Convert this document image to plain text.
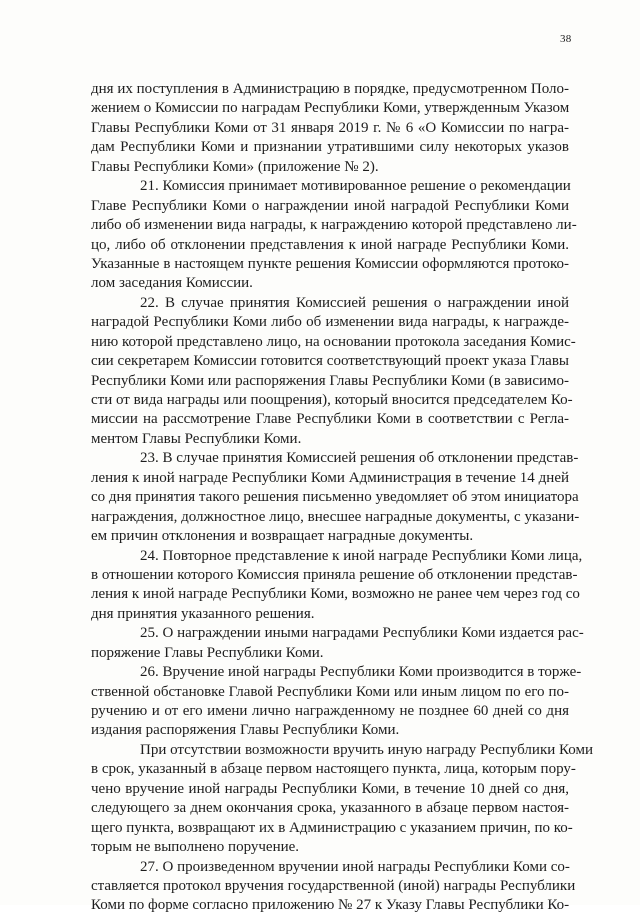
38
дня их поступления в Администрацию в порядке, предусмотренном Поло-
жением о Комиссии по наградам Республики Коми, утвержденным Указом
Главы Республики Коми от 31 января 2019 г. № 6 «О Комиссии по награ-
дам Республики Коми и признании утратившими силу некоторых указов
Главы Республики Коми» (приложение № 2).
21. Комиссия принимает мотивированное решение о рекомендации
Главе Республики Коми о награждении иной наградой Республики Коми
либо об изменении вида награды, к награждению которой представлено ли-
цо, либо об отклонении представления к иной награде Республики Коми.
Указанные в настоящем пункте решения Комиссии оформляются протоко-
лом заседания Комиссии.
22. В случае принятия Комиссией решения о награждении иной
наградой Республики Коми либо об изменении вида награды, к награжде-
нию которой представлено лицо, на основании протокола заседания Комис-
сии секретарем Комиссии готовится соответствующий проект указа Главы
Республики Коми или распоряжения Главы Республики Коми (в зависимо-
сти от вида награды или поощрения), который вносится председателем Ко-
миссии на рассмотрение Главе Республики Коми в соответствии с Регла-
ментом Главы Республики Коми.
23. В случае принятия Комиссией решения об отклонении представ-
ления к иной награде Республики Коми Администрация в течение 14 дней
со дня принятия такого решения письменно уведомляет об этом инициатора
награждения, должностное лицо, внесшее наградные документы, с указани-
ем причин отклонения и возвращает наградные документы.
24. Повторное представление к иной награде Республики Коми лица,
в отношении которого Комиссия приняла решение об отклонении представ-
ления к иной награде Республики Коми, возможно не ранее чем через год со
дня принятия указанного решения.
25. О награждении иными наградами Республики Коми издается рас-
поряжение Главы Республики Коми.
26. Вручение иной награды Республики Коми производится в торже-
ственной обстановке Главой Республики Коми или иным лицом по его по-
ручению и от его имени лично награжденному не позднее 60 дней со дня
издания распоряжения Главы Республики Коми.
При отсутствии возможности вручить иную награду Республики Коми
в срок, указанный в абзаце первом настоящего пункта, лица, которым пору-
чено вручение иной награды Республики Коми, в течение 10 дней со дня,
следующего за днем окончания срока, указанного в абзаце первом настоя-
щего пункта, возвращают их в Администрацию с указанием причин, по ко-
торым не выполнено поручение.
27. О произведенном вручении иной награды Республики Коми со-
ставляется протокол вручения государственной (иной) награды Республики
Коми по форме согласно приложению № 27 к Указу Главы Республики Ко-
